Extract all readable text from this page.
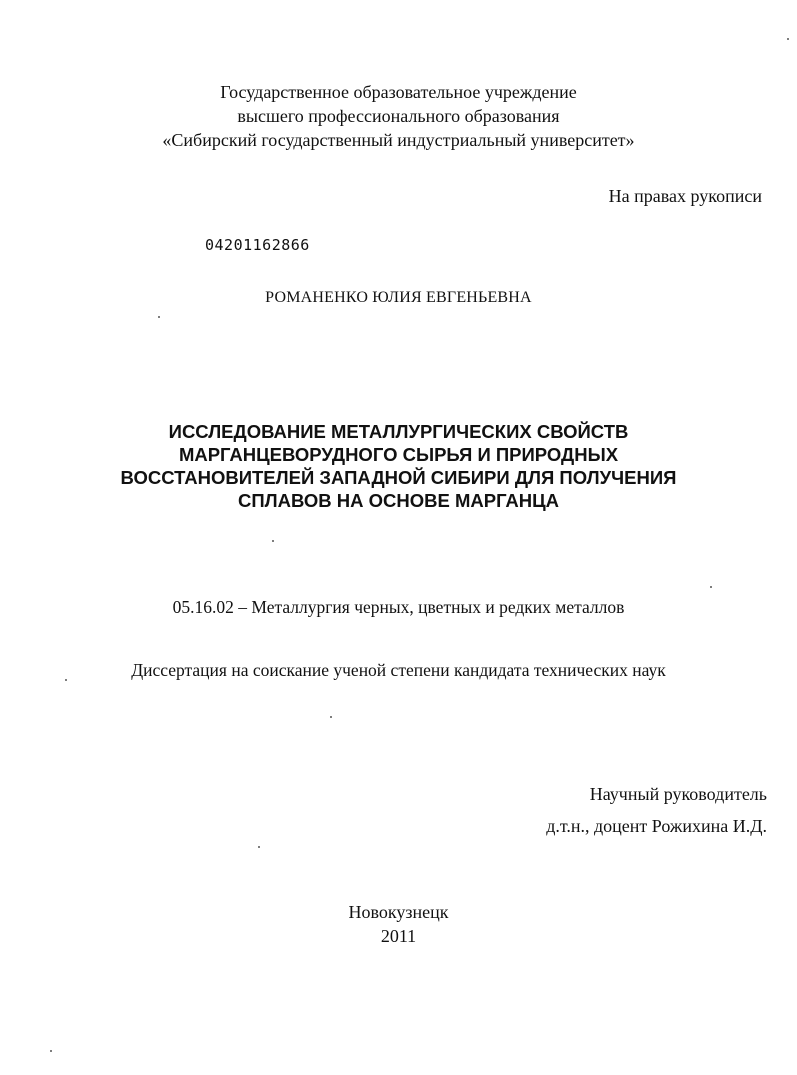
Государственное образовательное учреждение
высшего профессионального образования
«Сибирский государственный индустриальный университет»
На правах рукописи
04201162866
РОМАНЕНКО ЮЛИЯ ЕВГЕНЬЕВНА
ИССЛЕДОВАНИЕ МЕТАЛЛУРГИЧЕСКИХ СВОЙСТВ
МАРГАНЦЕВОРУДНОГО СЫРЬЯ И ПРИРОДНЫХ
ВОССТАНОВИТЕЛЕЙ ЗАПАДНОЙ СИБИРИ ДЛЯ ПОЛУЧЕНИЯ
СПЛАВОВ НА ОСНОВЕ МАРГАНЦА
05.16.02 – Металлургия черных, цветных и редких металлов
Диссертация на соискание ученой степени кандидата технических наук
Научный руководитель
д.т.н., доцент Рожихина И.Д.
Новокузнецк
2011
